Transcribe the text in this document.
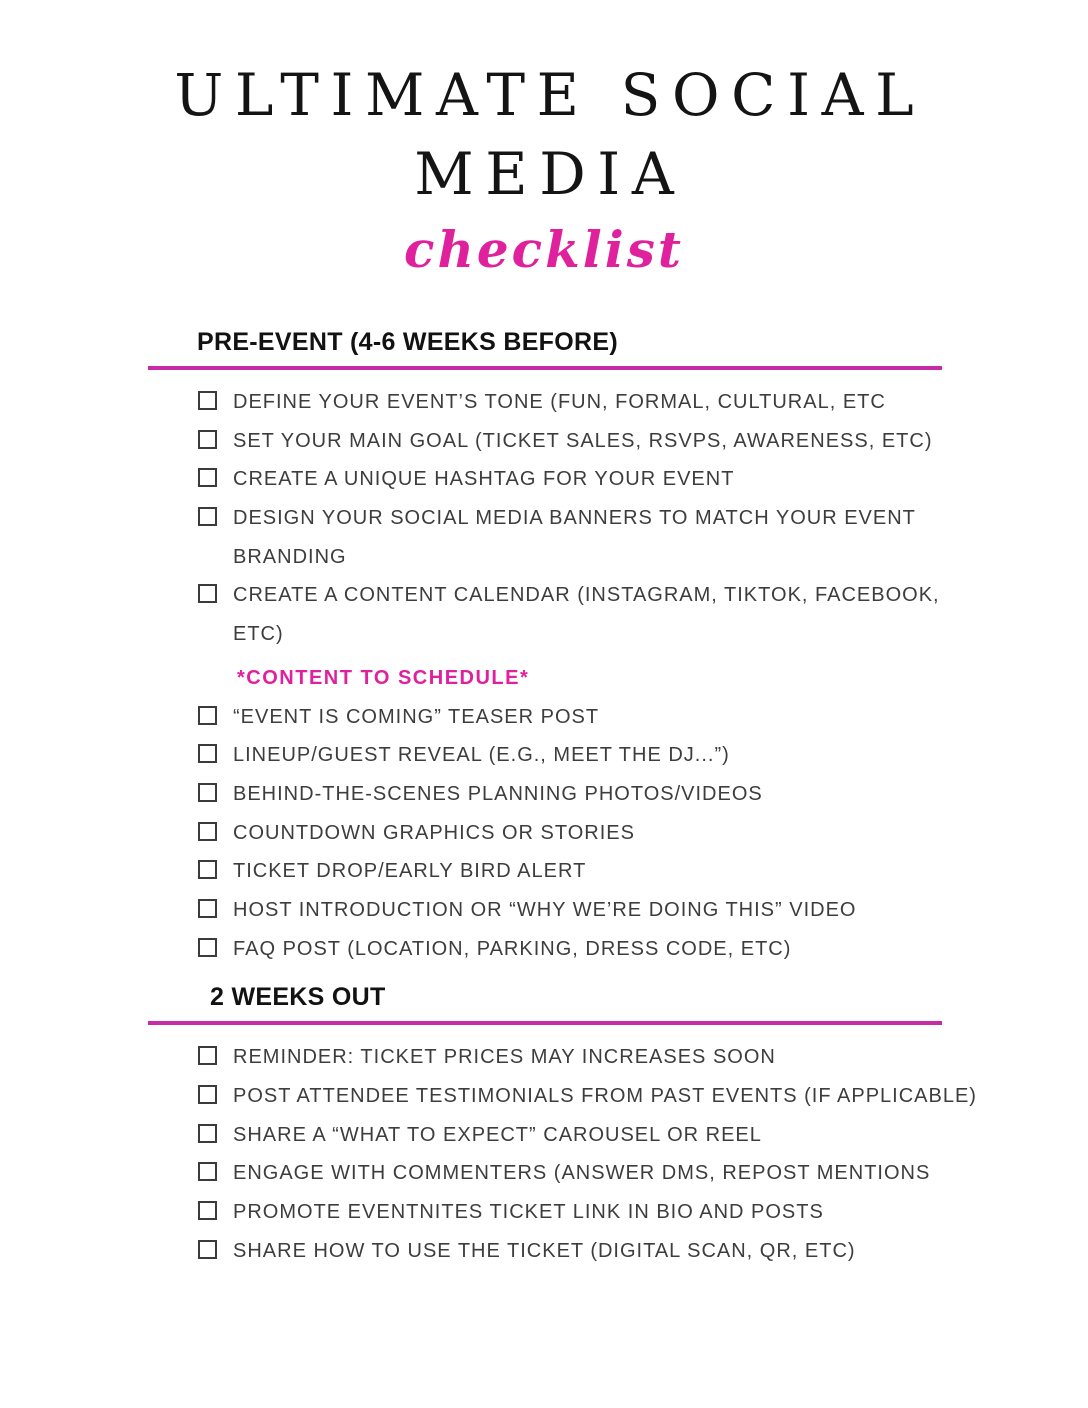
ULTIMATE SOCIAL
MEDIA
checklist
PRE-EVENT (4-6 WEEKS BEFORE)
DEFINE YOUR EVENT’S TONE (FUN, FORMAL, CULTURAL, ETC
SET YOUR MAIN GOAL (TICKET SALES, RSVPS, AWARENESS, ETC)
CREATE A UNIQUE HASHTAG FOR YOUR EVENT
DESIGN YOUR SOCIAL MEDIA BANNERS TO MATCH YOUR EVENT
BRANDING
CREATE A CONTENT CALENDAR (INSTAGRAM, TIKTOK, FACEBOOK,
ETC)
*CONTENT TO SCHEDULE*
“EVENT IS COMING” TEASER POST
LINEUP/GUEST REVEAL (E.G., MEET THE DJ...”)
BEHIND-THE-SCENES PLANNING PHOTOS/VIDEOS
COUNTDOWN GRAPHICS OR STORIES
TICKET DROP/EARLY BIRD ALERT
HOST INTRODUCTION OR “WHY WE’RE DOING THIS” VIDEO
FAQ POST (LOCATION, PARKING, DRESS CODE, ETC)
2 WEEKS OUT
REMINDER: TICKET PRICES MAY INCREASES SOON
POST ATTENDEE TESTIMONIALS FROM PAST EVENTS (IF APPLICABLE)
SHARE A “WHAT TO EXPECT” CAROUSEL OR REEL
ENGAGE WITH COMMENTERS (ANSWER DMS, REPOST MENTIONS
PROMOTE EVENTNITES TICKET LINK IN BIO AND POSTS
SHARE HOW TO USE THE TICKET (DIGITAL SCAN, QR, ETC)
